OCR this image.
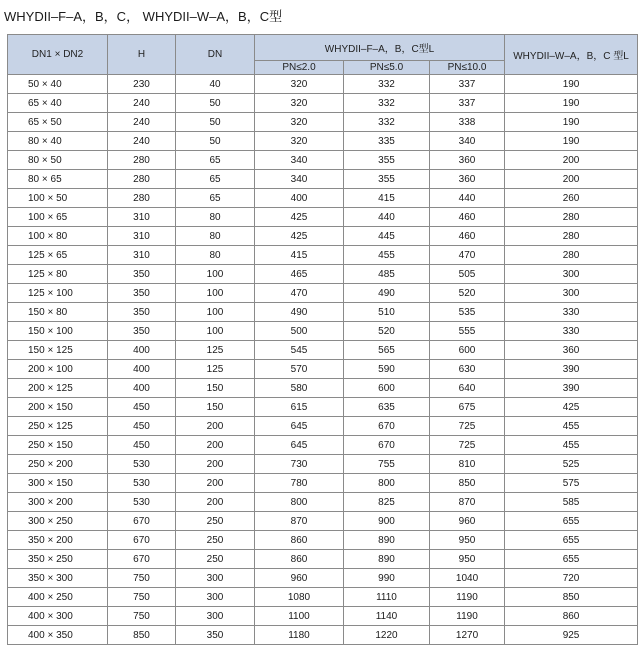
WHYDII–F–A，B，C， WHYDII–W–A，B，C型
DN1 × DN2	H	DN	WHYDII–F–A，B，C型L			WHYDII–W–A，B，C 型L
			PN≤2.0	PN≤5.0	PN≤10.0	
50 × 40	230	40	320	332	337	190
65 × 40	240	50	320	332	337	190
65 × 50	240	50	320	332	338	190
80 × 40	240	50	320	335	340	190
80 × 50	280	65	340	355	360	200
80 × 65	280	65	340	355	360	200
100 × 50	280	65	400	415	440	260
100 × 65	310	80	425	440	460	280
100 × 80	310	80	425	445	460	280
125 × 65	310	80	415	455	470	280
125 × 80	350	100	465	485	505	300
125 × 100	350	100	470	490	520	300
150 × 80	350	100	490	510	535	330
150 × 100	350	100	500	520	555	330
150 × 125	400	125	545	565	600	360
200 × 100	400	125	570	590	630	390
200 × 125	400	150	580	600	640	390
200 × 150	450	150	615	635	675	425
250 × 125	450	200	645	670	725	455
250 × 150	450	200	645	670	725	455
250 × 200	530	200	730	755	810	525
300 × 150	530	200	780	800	850	575
300 × 200	530	200	800	825	870	585
300 × 250	670	250	870	900	960	655
350 × 200	670	250	860	890	950	655
350 × 250	670	250	860	890	950	655
350 × 300	750	300	960	990	1040	720
400 × 250	750	300	1080	1110	1190	850
400 × 300	750	300	1100	1140	1190	860
400 × 350	850	350	1180	1220	1270	925
